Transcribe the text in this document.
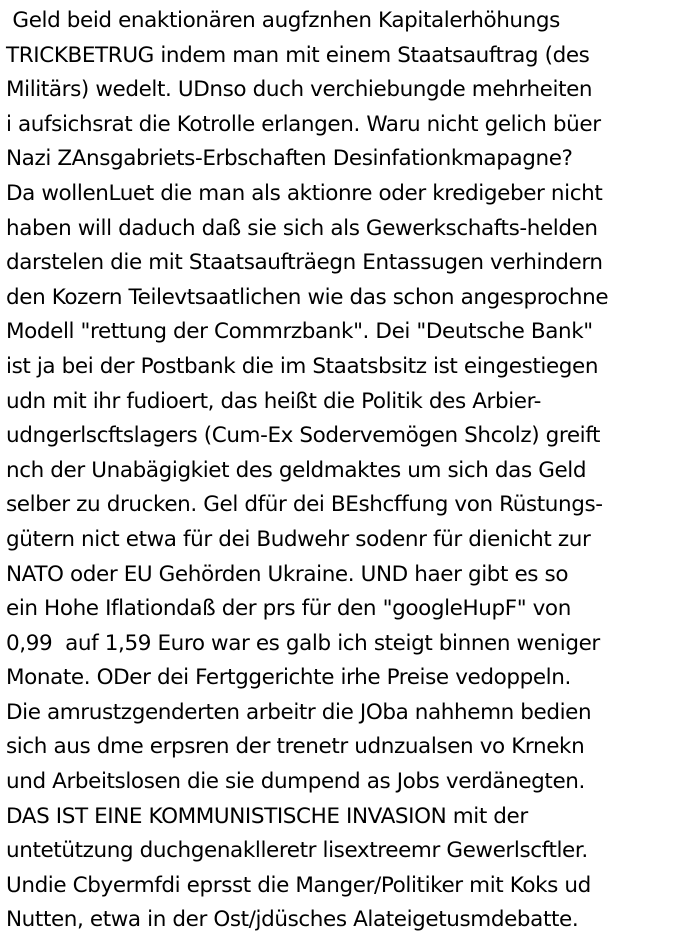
Geld beid enaktionären augfznhen Kapitalerhöhungs
TRICKBETRUG indem man mit einem Staatsauftrag (des
Militärs) wedelt. UDnso duch verchiebungde mehrheiten
i aufsichsrat die Kotrolle erlangen. Waru nicht gelich büer
Nazi ZAnsgabriets-Erbschaften Desinfationkmapagne?
Da wollenLuet die man als aktionre oder kredigeber nicht
haben will daduch daß sie sich als Gewerkschafts-helden
darstelen die mit Staatsaufträegn Entassugen verhindern
den Kozern Teilevtsaatlichen wie das schon angesprochne
Modell "rettung der Commrzbank". Dei "Deutsche Bank"
ist ja bei der Postbank die im Staatsbsitz ist eingestiegen
udn mit ihr fudioert, das heißt die Politik des Arbier-
udngerlscftslagers (Cum-Ex Sodervemögen Shcolz) greift
nch der Unabägigkiet des geldmaktes um sich das Geld
selber zu drucken. Gel dfür dei BEshcffung von Rüstungs-
gütern nict etwa für dei Budwehr sodenr für dienicht zur
NATO oder EU Gehörden Ukraine. UND haer gibt es so
ein Hohe Iflationdaß der prs für den "googleHupF" von
0,99  auf 1,59 Euro war es galb ich steigt binnen weniger
Monate. ODer dei Fertggerichte irhe Preise vedoppeln.
Die amrustzgenderten arbeitr die JOba nahhemn bedien
sich aus dme erpsren der trenetr udnzualsen vo Krnekn
und Arbeitslosen die sie dumpend as Jobs verdänegten.
DAS IST EINE KOMMUNISTISCHE INVASION mit der
untetützung duchgenaklleretr lisextreemr Gewerlscftler.
Undie Cbyermfdi eprsst die Manger/Politiker mit Koks ud
Nutten, etwa in der Ost/jdüsches Alateigetusmdebatte.
